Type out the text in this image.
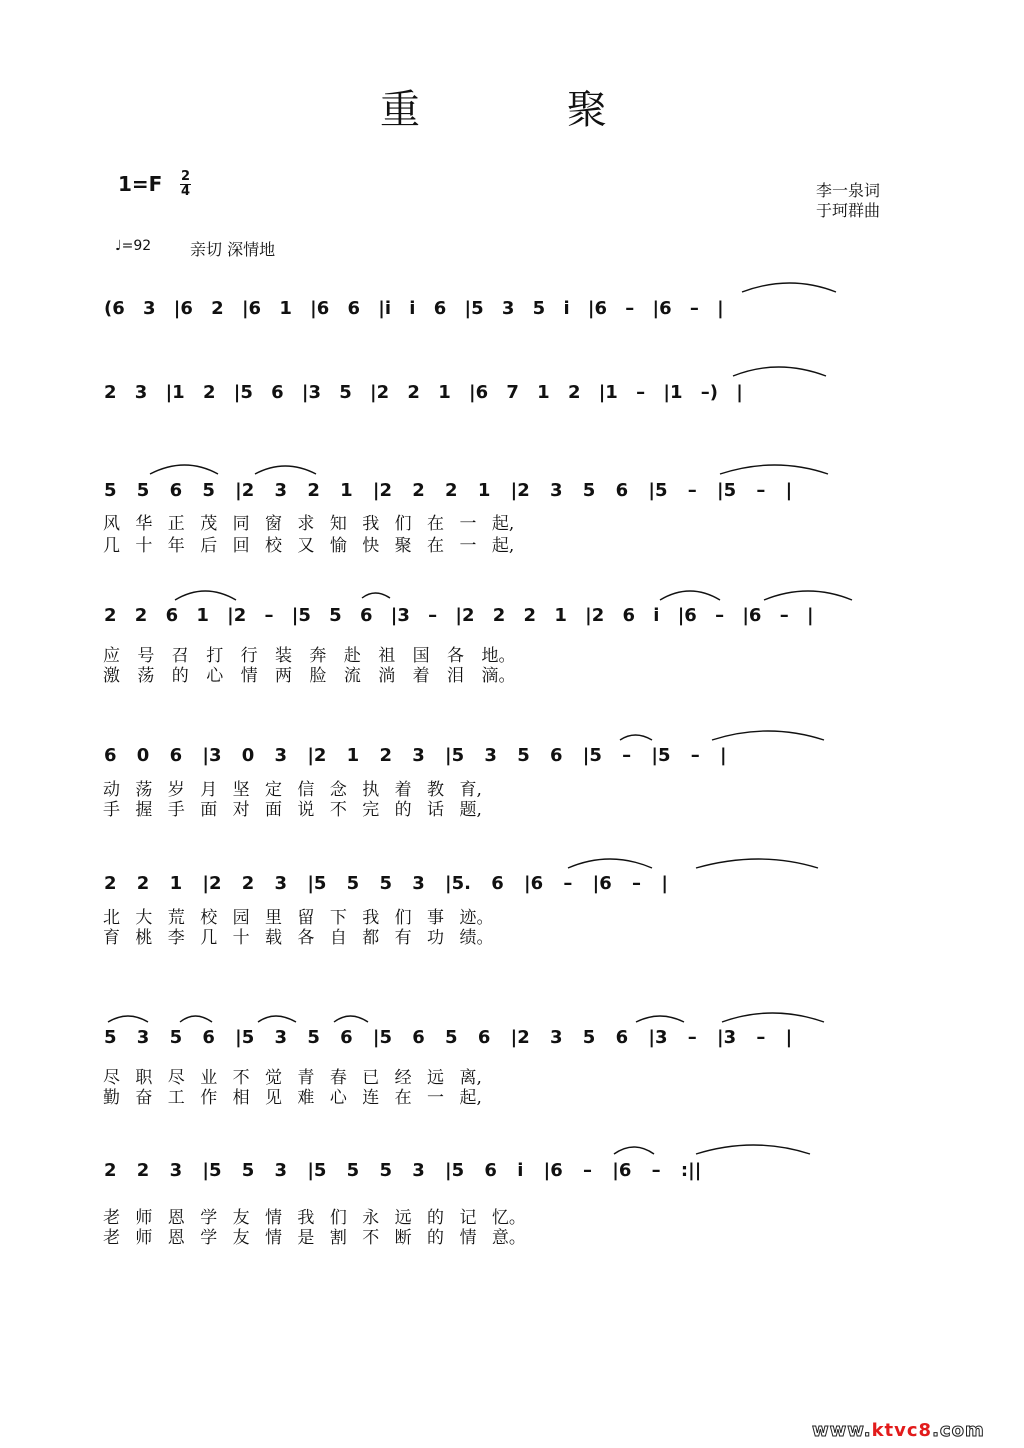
重 聚
1=F 2
4	李一泉词
于珂群曲
♩=92 亲切 深情地
(6 3 |6 2 |6 1 |6 6 |i i 6 |5 3 5 i |6 – |6 – |
2 3 |1 2 |5 6 |3 5 |2 2 1 |6 7 1 2 |1 – |1 –) |
5 5 6 5 |2 3 2 1 |2 2 2 1 |2 3 5 6 |5 – |5 – |
风 华 正 茂 同 窗 求 知 我 们 在 一 起,
几 十 年 后 回 校 又 愉 快 聚 在 一 起,
2 2 6 1 |2 – |5 5 6 |3 – |2 2 2 1 |2 6 i |6 – |6 – |
应 号 召 打 行 装 奔 赴 祖 国 各 地。
激 荡 的 心 情 两 脸 流 淌 着 泪 滴。
6 0 6 |3 0 3 |2 1 2 3 |5 3 5 6 |5 – |5 – |
动 荡 岁 月 坚 定 信 念 执 着 教 育,
手 握 手 面 对 面 说 不 完 的 话 题,
2 2 1 |2 2 3 |5 5 5 3 |5. 6 |6 – |6 – |
北 大 荒 校 园 里 留 下 我 们 事 迹。
育 桃 李 几 十 载 各 自 都 有 功 绩。
5 3 5 6 |5 3 5 6 |5 6 5 6 |2 3 5 6 |3 – |3 – |
尽 职 尽 业 不 觉 青 春 已 经 远 离,
勤 奋 工 作 相 见 难 心 连 在 一 起,
2 2 3 |5 5 3 |5 5 5 3 |5 6 i |6 – |6 – :||
老 师 恩 学 友 情 我 们 永 远 的 记 忆。
老 师 恩 学 友 情 是 割 不 断 的 情 意。
www.ktvc8.com
